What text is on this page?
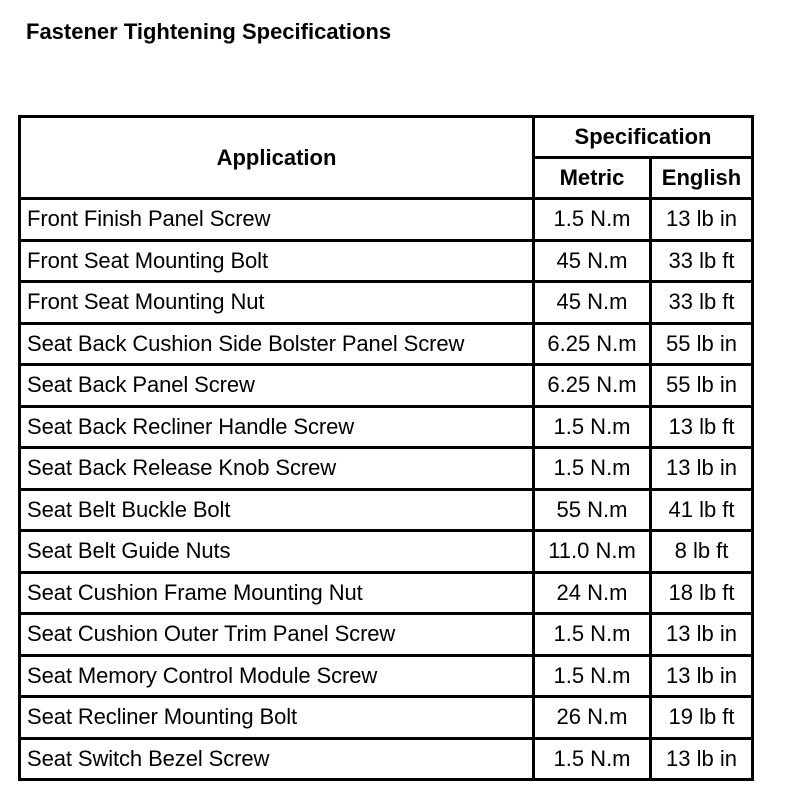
Fastener Tightening Specifications
Application	Specification	
	Metric	English
Front Finish Panel Screw	1.5 N.m	13 lb in
Front Seat Mounting Bolt	45 N.m	33 lb ft
Front Seat Mounting Nut	45 N.m	33 lb ft
Seat Back Cushion Side Bolster Panel Screw	6.25 N.m	55 lb in
Seat Back Panel Screw	6.25 N.m	55 lb in
Seat Back Recliner Handle Screw	1.5 N.m	13 lb ft
Seat Back Release Knob Screw	1.5 N.m	13 lb in
Seat Belt Buckle Bolt	55 N.m	41 lb ft
Seat Belt Guide Nuts	11.0 N.m	8 lb ft
Seat Cushion Frame Mounting Nut	24 N.m	18 lb ft
Seat Cushion Outer Trim Panel Screw	1.5 N.m	13 lb in
Seat Memory Control Module Screw	1.5 N.m	13 lb in
Seat Recliner Mounting Bolt	26 N.m	19 lb ft
Seat Switch Bezel Screw	1.5 N.m	13 lb in
